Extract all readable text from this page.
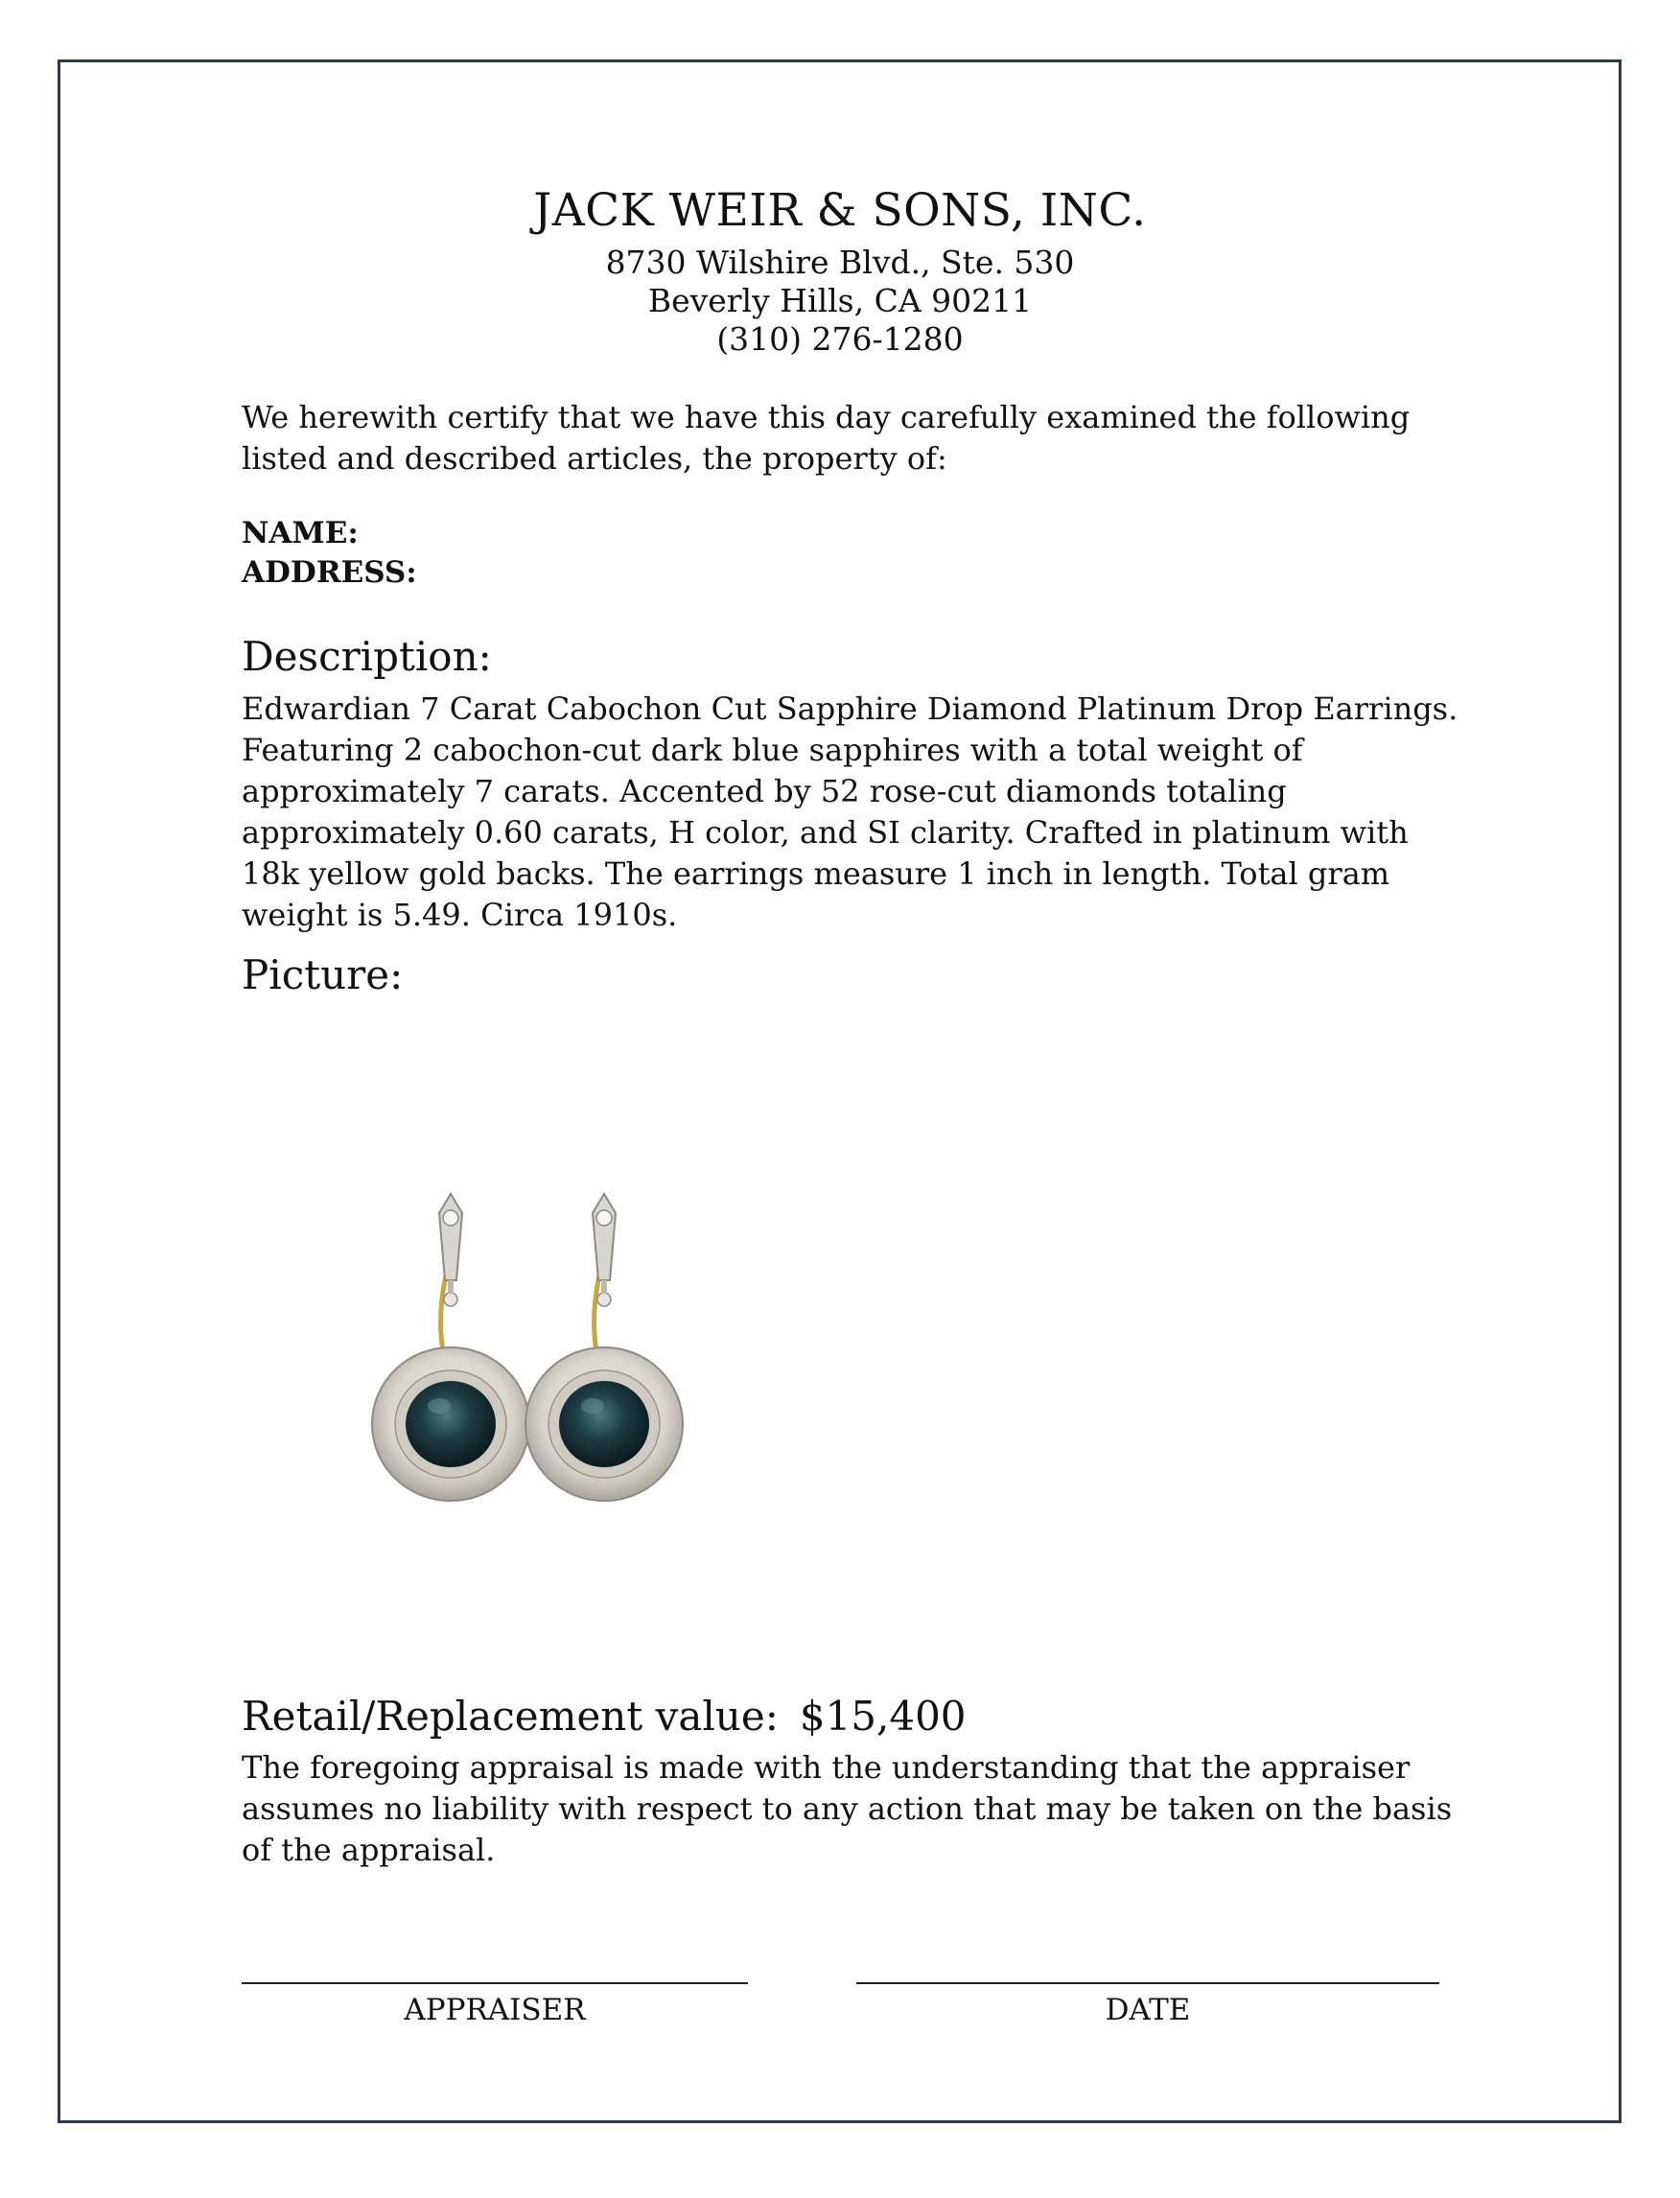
JACK WEIR & SONS, INC.
8730 Wilshire Blvd., Ste. 530
Beverly Hills, CA 90211
(310) 276-1280
We herewith certify that we have this day carefully examined the following listed and described articles, the property of:
NAME:
ADDRESS:
Description:
Edwardian 7 Carat Cabochon Cut Sapphire Diamond Platinum Drop Earrings. Featuring 2 cabochon-cut dark blue sapphires with a total weight of approximately 7 carats. Accented by 52 rose-cut diamonds totaling approximately 0.60 carats, H color, and SI clarity. Crafted in platinum with 18k yellow gold backs. The earrings measure 1 inch in length. Total gram weight is 5.49. Circa 1910s.
Picture:
Retail/Replacement value: $15,400
The foregoing appraisal is made with the understanding that the appraiser assumes no liability with respect to any action that may be taken on the basis of the appraisal.
APPRAISER	DATE
